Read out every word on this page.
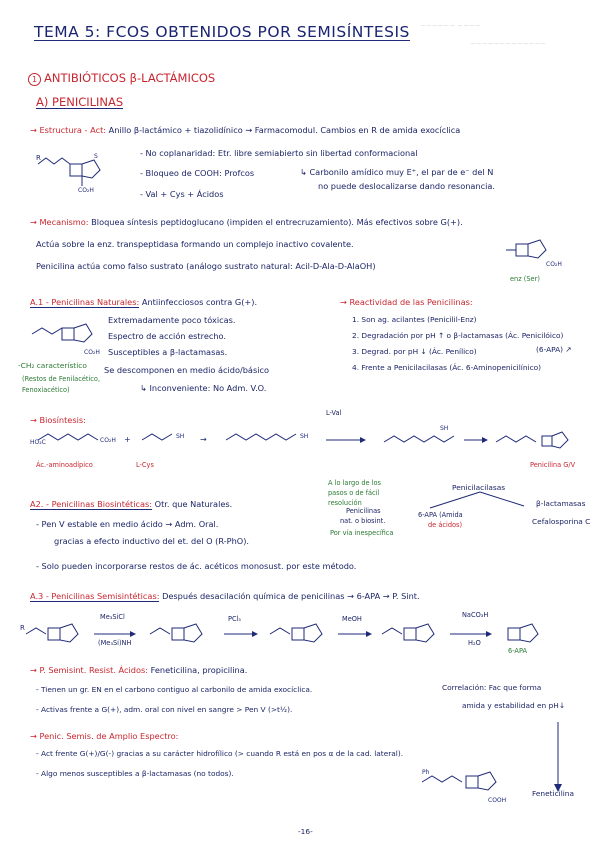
~~~~~~ ~~~~
~~~~~~~~~~~~~
TEMA 5: FCOS OBTENIDOS POR SEMISÍNTESIS
1 ANTIBIÓTICOS β-LACTÁMICOS
A) PENICILINAS
→ Estructura - Act: Anillo β-lactámico + tiazolidínico ⇝ Farmacomodul. Cambios en R de amida exocíclica
R	S
CO₂H
- No coplanaridad: Etr. libre semiabierto sin libertad conformacional
- Bloqueo de COOH: Profcos	↳ Carbonilo amídico muy E⁺, el par de e⁻ del N
no puede deslocalizarse dando resonancia.
- Val + Cys + Ácidos
→ Mecanismo: Bloquea síntesis peptidoglucano (impiden el entrecruzamiento). Más efectivos sobre G(+).
Actúa sobre la enz. transpeptidasa formando un complejo inactivo covalente.
Penicilina actúa como falso sustrato (análogo sustrato natural: Acil-D-Ala-D-AlaOH)	CO₂H
enz (Ser)
A.1 - Penicilinas Naturales: Antiinfecciosos contra G(+).
CO₂H
-CH₂ característico
(Restos de Fenilacético,
Fenoxiacético)
Extremadamente poco tóxicas.
Espectro de acción estrecho.
Susceptibles a β-lactamasas.
Se descomponen en medio ácido/básico
↳ Inconveniente: No Adm. V.O.
→ Reactividad de las Penicilinas:
1. Son ag. acilantes (Penicilil-Enz)
2. Degradación por pH ↑ o β-lactamasas (Ác. Penicilóico)
3. Degrad. por pH ↓ (Ác. Penílico)	(6-APA) ↗
4. Frente a Penicilacilasas (Ác. 6-Aminopenicilínico)
→ Biosíntesis:
HO₂C	CO₂H +	SH →	SH
SH
Ác.-aminoadípico	L-Cys
L-Val
Penicilina G/V
A lo largo de los
pasos o de fácil
resolución
Penicilacilasas
β-lactamasas
Cefalosporina C
Penicilinas
nat. o biosint.
6-APA (Amida
de ácidos)
Por vía inespecífica
A2. - Penicilinas Biosintéticas: Otr. que Naturales.
- Pen V estable en medio ácido → Adm. Oral.
gracias a efecto inductivo del et. del O (R-PhO).
- Solo pueden incorporarse restos de ác. acéticos monosust. por este método.
A.3 - Penicilinas Semisintéticas: Después desacilación química de penicilinas → 6-APA → P. Sint.
R
Me₃SiCl
(Me₃Si)NH
PCl₅	MeOH	NaCO₃H
H₂O
6-APA
→ P. Semisint. Resist. Ácidos: Feneticilina, propicilina.
- Tienen un gr. EN en el carbono contiguo al carbonilo de amida exocíclica.	Correlación: Fac que forma
- Activas frente a G(+), adm. oral con nivel en sangre > Pen V (>t½).	amida y estabilidad en pH↓
→ Penic. Semis. de Amplio Espectro:
- Act frente G(+)/G(-) gracias a su carácter hidrofílico (> cuando R está en pos α de la cad. lateral).
- Algo menos susceptibles a β-lactamasas (no todos).	Ph
COOH
Feneticilina
-16-
